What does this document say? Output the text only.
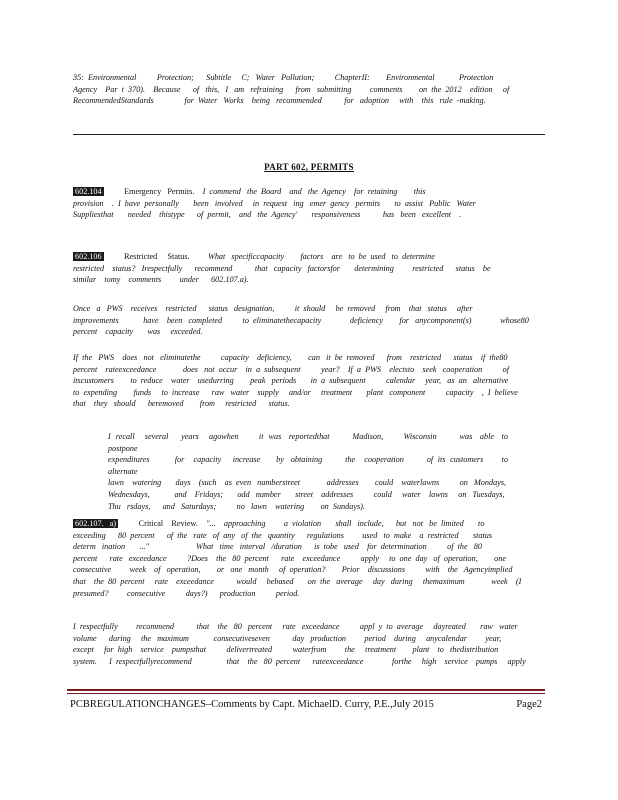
35:  Environmental          Protection;      Subtitle     C;   Water   Pollution;          ChapterII:        Environmental            Protection
Agency    Par  t  370).    Because      of   this,   I   am   refraining      from   submitting         comments        on  the  2012    edition     of
RecommendedStandards               for  Water   Works    being   recommended           for   adoption     with    this   rule  -making.
PART 602, PERMITS
602.104	Emergency   Permits.    I  commend   the  Board    and   the  Agency    for  retaining        this
provision    .  I  have  personally       been   involved     in  request   ing   emer  gency   permits       to  assist   Public   Water
Suppliesthat       needed    thistype      of  permit,    and   the  Agency'       responsiveness           has   been   excellent    .
602.106	Restricted     Status.         What   specificcapacity        factors    are   to  be  used   to  determine
restricted    status?   Irespectfully      recommend           that   capacity   factorsfor       determining         restricted      status    be
similar    tomy    comments         under      602.107.a).
Once   a   PWS    receives    restricted      status   designation,          it  should     be  removed     from    that   status     after
improvements            have    been   completed          to  eliminatethecapacity              deficiency        for   anycomponent(s)              whose80
percent    capacity       was     exceeded.
If  the   PWS    does   not   eliminatethe          capacity    deficiency,        can   it  be  removed      from    restricted      status    if  the80
percent    rateexceedance             does   not  occur    in  a  subsequent          year?    If  a  PWS    electsto    seek   cooperation          of
itscustomers        to  reduce    water    usedurring        peak   periods       in  a  subsequent          calendar     year,   as  an   alternative
to  expending        funds     to  increase      raw   water    supply     and/or     treatment       plant   component          capacity    ,  I  believe
that    they   should      beremoved        from     restricted      status.
I  recall    several     years    agowhen        it  was   reportedthat         Madison,        Wisconsin         was   able   to  postpone
expenditures           for    capacity     increase       by   obtaining          the    cooperation          of  its  customers        to  alternate
lawn    watering       days    (such    as  even   numberstreet             addresses        could    waterlawns          on   Mondays,
Wednesdays,            and    Fridays;       odd   number       street    addresses          could     water    lawns     on   Tuesdays,
Thu   rsdays,      and   Saturdays;          no   lawn    watering        on  Sundays).
602.107.   a)	Critical    Review.    "...    approaching         a  violation       shall   include,      but   not   be  limited       to
exceeding      80  percent      of  the   rate   of  any   of  the   quantity      regulations         used   to  make    a  restricted       status
determ   ination       ..."                       What   time   interval   /duration      is  tobe   used    for  determination          of  the   80
percent      rate   exceedance          ?Does    the   80  percent      rate    exceedance          apply     to  one  day   of  operation,        one
consecutive         week    of   operation,        or   one   month     of  operation?        Prior    discussions          with    the   Agencyimplied
that    the  80  percent     rate    exceedance           would     bebased       on  the   average     day   during     themaximum             week    (I
presumed?         consecutive          days?)      production          period.
I  respectfully         recommend           that    the   80   percent     rate   exceedance          appl  y  to  average     dayreated       raw   water
volume      during     the   maximum            consecutiveseven           day   production         period    during     anycalendar         year,
except     for  high    service    pumpsthat          delivertreated          waterfrom         the     treatment        plant    to   thedistribution
system.      I  respectfullyrecommend                 that    the   80  percent      rateexceedance              forthe     high    service    pumps     apply
PCBREGULATIONCHANGES–Comments by Capt. MichaelD. Curry, P.E.,July 2015	Page2
